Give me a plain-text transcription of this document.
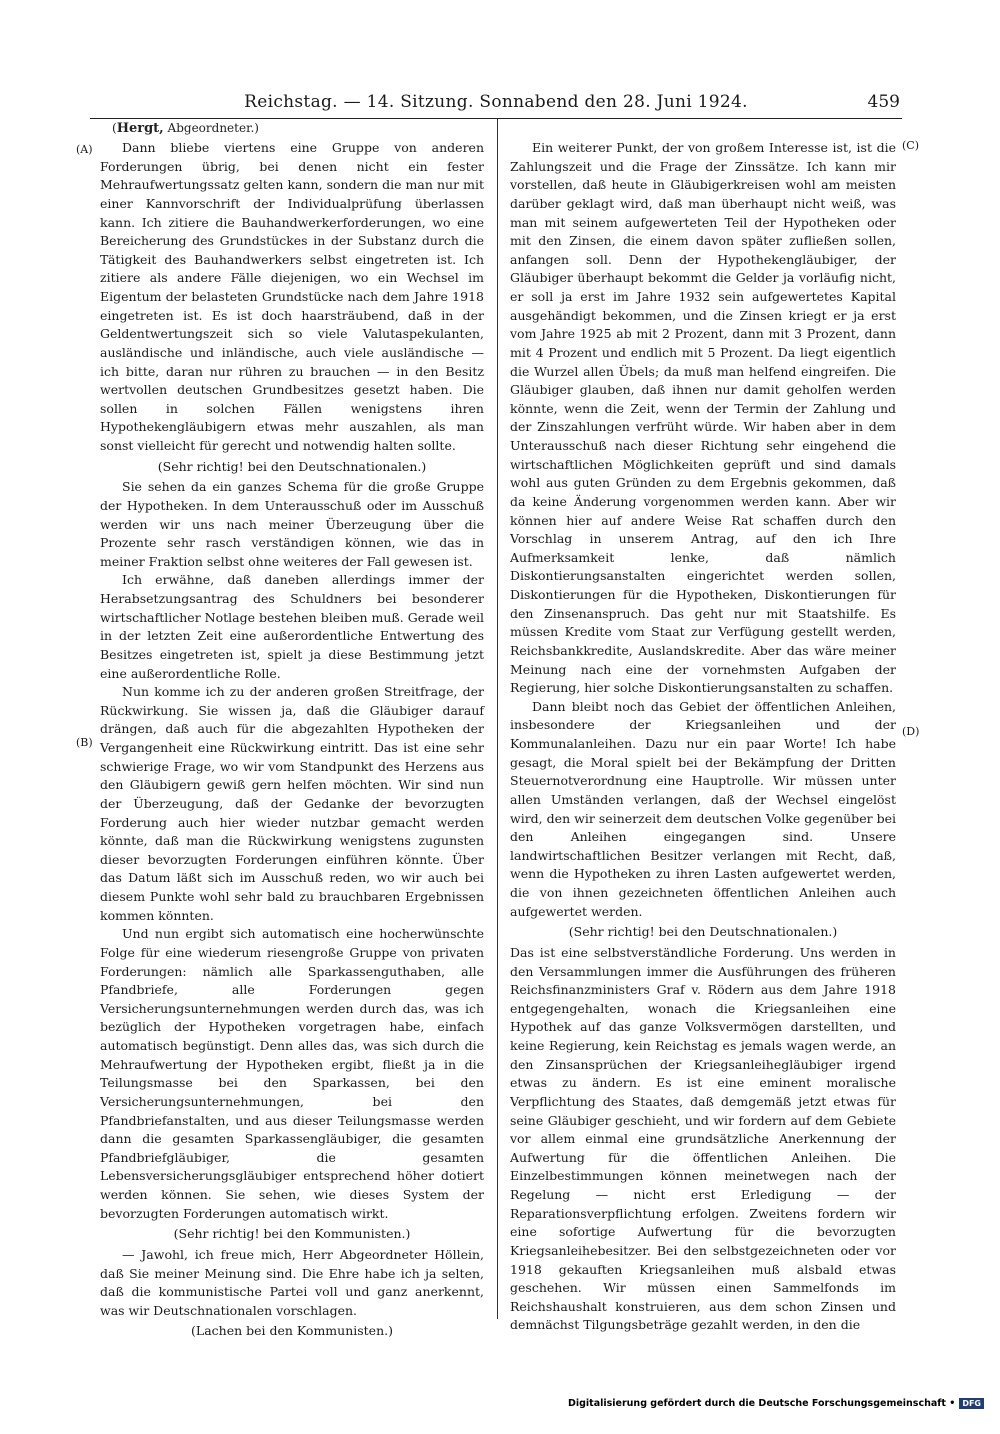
Reichstag. — 14. Sitzung. Sonnabend den 28. Juni 1924.	459
(Hergt, Abgeordneter.)
(A)
(B)
(C)
(D)

Dann bliebe viertens eine Gruppe von anderen Forderungen übrig, bei denen nicht ein fester Mehraufwertungssatz gelten kann, sondern die man nur mit einer Kannvorschrift der Individualprüfung überlassen kann. Ich zitiere die Bauhandwerkerforderungen, wo eine Bereicherung des Grundstückes in der Substanz durch die Tätigkeit des Bauhandwerkers selbst eingetreten ist. Ich zitiere als andere Fälle diejenigen, wo ein Wechsel im Eigentum der belasteten Grundstücke nach dem Jahre 1918 eingetreten ist. Es ist doch haarsträubend, daß in der Geldentwertungszeit sich so viele Valutaspekulanten, ausländische und inländische, auch viele ausländische — ich bitte, daran nur rühren zu brauchen — in den Besitz wertvollen deutschen Grundbesitzes gesetzt haben. Die sollen in solchen Fällen wenigstens ihren Hypothekengläubigern etwas mehr auszahlen, als man sonst vielleicht für gerecht und notwendig halten sollte.

(Sehr richtig! bei den Deutschnationalen.)

Sie sehen da ein ganzes Schema für die große Gruppe der Hypotheken. In dem Unterausschuß oder im Ausschuß werden wir uns nach meiner Überzeugung über die Prozente sehr rasch verständigen können, wie das in meiner Fraktion selbst ohne weiteres der Fall gewesen ist.

Ich erwähne, daß daneben allerdings immer der Herabsetzungsantrag des Schuldners bei besonderer wirtschaftlicher Notlage bestehen bleiben muß. Gerade weil in der letzten Zeit eine außerordentliche Entwertung des Besitzes eingetreten ist, spielt ja diese Bestimmung jetzt eine außerordentliche Rolle.

Nun komme ich zu der anderen großen Streitfrage, der Rückwirkung. Sie wissen ja, daß die Gläubiger darauf drängen, daß auch für die abgezahlten Hypotheken der Vergangenheit eine Rückwirkung eintritt. Das ist eine sehr schwierige Frage, wo wir vom Standpunkt des Herzens aus den Gläubigern gewiß gern helfen möchten. Wir sind nun der Überzeugung, daß der Gedanke der bevorzugten Forderung auch hier wieder nutzbar gemacht werden könnte, daß man die Rückwirkung wenigstens zugunsten dieser bevorzugten Forderungen einführen könnte. Über das Datum läßt sich im Ausschuß reden, wo wir auch bei diesem Punkte wohl sehr bald zu brauchbaren Ergebnissen kommen könnten.

Und nun ergibt sich automatisch eine hocherwünschte Folge für eine wiederum riesengroße Gruppe von privaten Forderungen: nämlich alle Sparkassenguthaben, alle Pfandbriefe, alle Forderungen gegen Versicherungsunternehmungen werden durch das, was ich bezüglich der Hypotheken vorgetragen habe, einfach automatisch begünstigt. Denn alles das, was sich durch die Mehraufwertung der Hypotheken ergibt, fließt ja in die Teilungsmasse bei den Sparkassen, bei den Versicherungsunternehmungen, bei den Pfandbriefanstalten, und aus dieser Teilungsmasse werden dann die gesamten Sparkassengläubiger, die gesamten Pfandbriefgläubiger, die gesamten Lebensversicherungsgläubiger entsprechend höher dotiert werden können. Sie sehen, wie dieses System der bevorzugten Forderungen automatisch wirkt.

(Sehr richtig! bei den Kommunisten.)

— Jawohl, ich freue mich, Herr Abgeordneter Höllein, daß Sie meiner Meinung sind. Die Ehre habe ich ja selten, daß die kommunistische Partei voll und ganz anerkennt, was wir Deutschnationalen vorschlagen.

(Lachen bei den Kommunisten.)

Ein weiterer Punkt, der von großem Interesse ist, ist die Zahlungszeit und die Frage der Zinssätze. Ich kann mir vorstellen, daß heute in Gläubigerkreisen wohl am meisten darüber geklagt wird, daß man überhaupt nicht weiß, was man mit seinem aufgewerteten Teil der Hypotheken oder mit den Zinsen, die einem davon später zufließen sollen, anfangen soll. Denn der Hypothekengläubiger, der Gläubiger überhaupt bekommt die Gelder ja vorläufig nicht, er soll ja erst im Jahre 1932 sein aufgewertetes Kapital ausgehändigt bekommen, und die Zinsen kriegt er ja erst vom Jahre 1925 ab mit 2 Prozent, dann mit 3 Prozent, dann mit 4 Prozent und endlich mit 5 Prozent. Da liegt eigentlich die Wurzel allen Übels; da muß man helfend eingreifen. Die Gläubiger glauben, daß ihnen nur damit geholfen werden könnte, wenn die Zeit, wenn der Termin der Zahlung und der Zinszahlungen verfrüht würde. Wir haben aber in dem Unterausschuß nach dieser Richtung sehr eingehend die wirtschaftlichen Möglichkeiten geprüft und sind damals wohl aus guten Gründen zu dem Ergebnis gekommen, daß da keine Änderung vorgenommen werden kann. Aber wir können hier auf andere Weise Rat schaffen durch den Vorschlag in unserem Antrag, auf den ich Ihre Aufmerksamkeit lenke, daß nämlich Diskontierungsanstalten eingerichtet werden sollen, Diskontierungen für die Hypotheken, Diskontierungen für den Zinsenanspruch. Das geht nur mit Staatshilfe. Es müssen Kredite vom Staat zur Verfügung gestellt werden, Reichsbankkredite, Auslandskredite. Aber das wäre meiner Meinung nach eine der vornehmsten Aufgaben der Regierung, hier solche Diskontierungsanstalten zu schaffen.

Dann bleibt noch das Gebiet der öffentlichen Anleihen, insbesondere der Kriegsanleihen und der Kommunalanleihen. Dazu nur ein paar Worte! Ich habe gesagt, die Moral spielt bei der Bekämpfung der Dritten Steuernotverordnung eine Hauptrolle. Wir müssen unter allen Umständen verlangen, daß der Wechsel eingelöst wird, den wir seinerzeit dem deutschen Volke gegenüber bei den Anleihen eingegangen sind. Unsere landwirtschaftlichen Besitzer verlangen mit Recht, daß, wenn die Hypotheken zu ihren Lasten aufgewertet werden, die von ihnen gezeichneten öffentlichen Anleihen auch aufgewertet werden.

(Sehr richtig! bei den Deutschnationalen.)

Das ist eine selbstverständliche Forderung. Uns werden in den Versammlungen immer die Ausführungen des früheren Reichsfinanzministers Graf v. Rödern aus dem Jahre 1918 entgegengehalten, wonach die Kriegsanleihen eine Hypothek auf das ganze Volksvermögen darstellten, und keine Regierung, kein Reichstag es jemals wagen werde, an den Zinsansprüchen der Kriegsanleihegläubiger irgend etwas zu ändern. Es ist eine eminent moralische Verpflichtung des Staates, daß demgemäß jetzt etwas für seine Gläubiger geschieht, und wir fordern auf dem Gebiete vor allem einmal eine grundsätzliche Anerkennung der Aufwertung für die öffentlichen Anleihen. Die Einzelbestimmungen können meinetwegen nach der Regelung — nicht erst Erledigung — der Reparationsverpflichtung erfolgen. Zweitens fordern wir eine sofortige Aufwertung für die bevorzugten Kriegsanleihebesitzer. Bei den selbstgezeichneten oder vor 1918 gekauften Kriegsanleihen muß alsbald etwas geschehen. Wir müssen einen Sammelfonds im Reichshaushalt konstruieren, aus dem schon Zinsen und demnächst Tilgungsbeträge gezahlt werden, in den die

Digitalisierung gefördert durch die Deutsche Forschungsgemeinschaft • DFG
